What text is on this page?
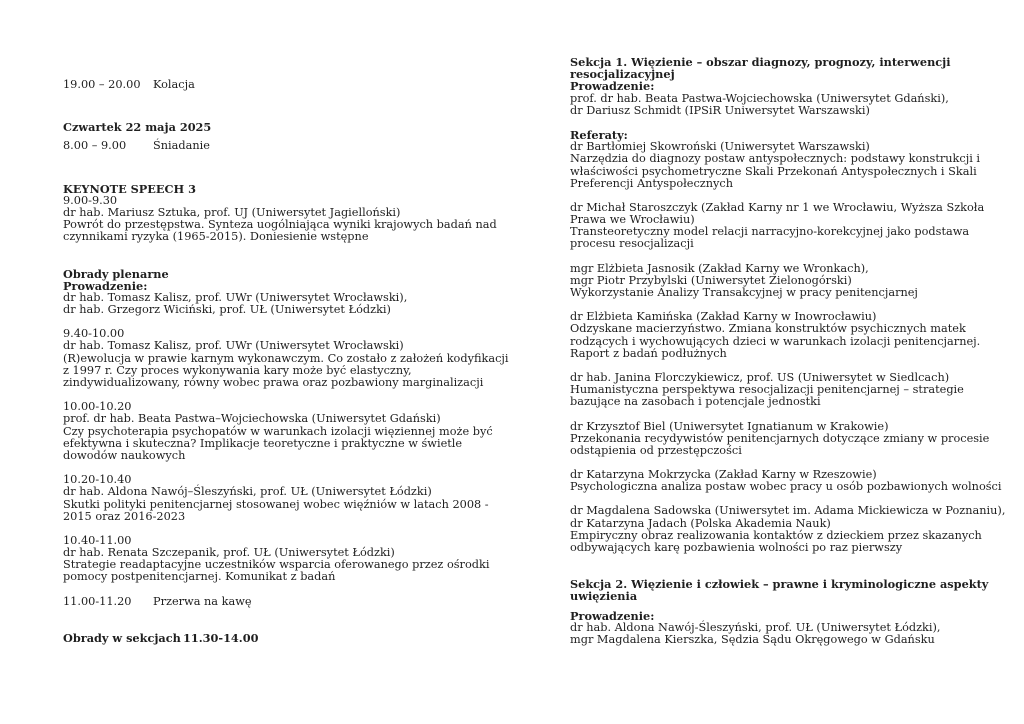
19.00 – 20.00	Kolacja
Czwartek 22 maja 2025
8.00 – 9.00	Śniadanie
KEYNOTE SPEECH 3
9.00-9.30
dr hab. Mariusz Sztuka, prof. UJ (Uniwersytet Jagielloński)
Powrót do przestępstwa. Synteza uogólniająca wyniki krajowych badań nad
czynnikami ryzyka (1965-2015). Doniesienie wstępne
Obrady plenarne
Prowadzenie:
dr hab. Tomasz Kalisz, prof. UWr (Uniwersytet Wrocławski),
dr hab. Grzegorz Wiciński, prof. UŁ (Uniwersytet Łódzki)
9.40-10.00
dr hab. Tomasz Kalisz, prof. UWr (Uniwersytet Wrocławski)
(R)ewolucja w prawie karnym wykonawczym. Co zostało z założeń kodyfikacji
z 1997 r. Czy proces wykonywania kary może być elastyczny,
zindywidualizowany, równy wobec prawa oraz pozbawiony marginalizacji
10.00-10.20
prof. dr hab. Beata Pastwa–Wojciechowska (Uniwersytet Gdański)
Czy psychoterapia psychopatów w warunkach izolacji więziennej może być
efektywna i skuteczna? Implikacje teoretyczne i praktyczne w świetle
dowodów naukowych
10.20-10.40
dr hab. Aldona Nawój–Śleszyński, prof. UŁ (Uniwersytet Łódzki)
Skutki polityki penitencjarnej stosowanej wobec więźniów w latach 2008 -
2015 oraz 2016-2023
10.40-11.00
dr hab. Renata Szczepanik, prof. UŁ (Uniwersytet Łódzki)
Strategie readaptacyjne uczestników wsparcia oferowanego przez ośrodki
pomocy postpenitencjarnej. Komunikat z badań
11.00-11.20	Przerwa na kawę
Obrady w sekcjach 11.30-14.00
Sekcja 1. Więzienie – obszar diagnozy, prognozy, interwencji
resocjalizacyjnej
Prowadzenie:
prof. dr hab. Beata Pastwa-Wojciechowska (Uniwersytet Gdański),
dr Dariusz Schmidt (IPSiR Uniwersytet Warszawski)
Referaty:
dr Bartłomiej Skowroński (Uniwersytet Warszawski)
Narzędzia do diagnozy postaw antyspołecznych: podstawy konstrukcji i
właściwości psychometryczne Skali Przekonań Antyspołecznych i Skali
Preferencji Antyspołecznych
dr Michał Staroszczyk (Zakład Karny nr 1 we Wrocławiu, Wyższa Szkoła
Prawa we Wrocławiu)
Transteoretyczny model relacji narracyjno-korekcyjnej jako podstawa
procesu resocjalizacji
mgr Elżbieta Jasnosik (Zakład Karny we Wronkach),
mgr Piotr Przybylski (Uniwersytet Zielonogórski)
Wykorzystanie Analizy Transakcyjnej w pracy penitencjarnej
dr Elżbieta Kamińska (Zakład Karny w Inowrocławiu)
Odzyskane macierzyństwo. Zmiana konstruktów psychicznych matek
rodzących i wychowujących dzieci w warunkach izolacji penitencjarnej.
Raport z badań podłużnych
dr hab. Janina Florczykiewicz, prof. US (Uniwersytet w Siedlcach)
Humanistyczna perspektywa resocjalizacji penitencjarnej – strategie
bazujące na zasobach i potencjale jednostki
dr Krzysztof Biel (Uniwersytet Ignatianum w Krakowie)
Przekonania recydywistów penitencjarnych dotyczące zmiany w procesie
odstąpienia od przestępczości
dr Katarzyna Mokrzycka (Zakład Karny w Rzeszowie)
Psychologiczna analiza postaw wobec pracy u osób pozbawionych wolności
dr Magdalena Sadowska (Uniwersytet im. Adama Mickiewicza w Poznaniu),
dr Katarzyna Jadach (Polska Akademia Nauk)
Empiryczny obraz realizowania kontaktów z dzieckiem przez skazanych
odbywających karę pozbawienia wolności po raz pierwszy
Sekcja 2. Więzienie i człowiek – prawne i kryminologiczne aspekty
uwięzienia
Prowadzenie:
dr hab. Aldona Nawój-Śleszyński, prof. UŁ (Uniwersytet Łódzki),
mgr Magdalena Kierszka, Sędzia Sądu Okręgowego w Gdańsku
